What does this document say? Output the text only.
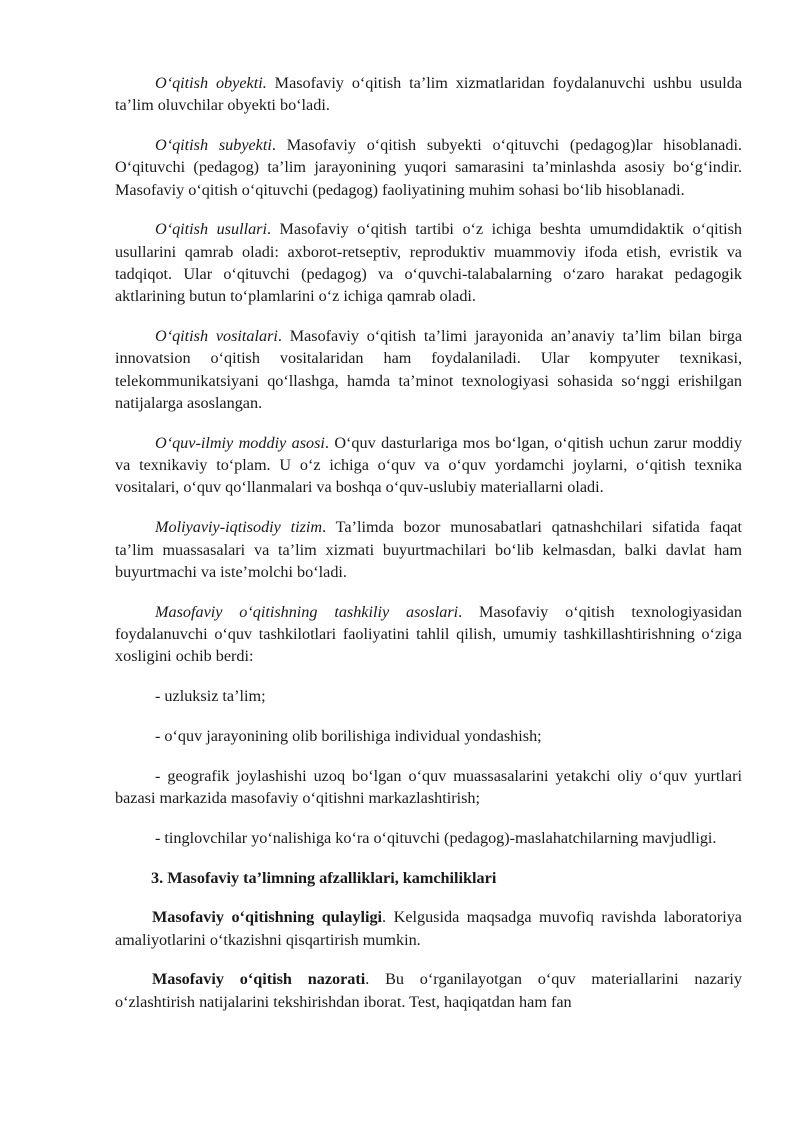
O‘qitish obyekti. Masofaviy o‘qitish ta’lim xizmatlaridan foydalanuvchi ushbu usulda ta’lim oluvchilar obyekti bo‘ladi.

O‘qitish subyekti. Masofaviy o‘qitish subyekti o‘qituvchi (pedagog)lar hisoblanadi. O‘qituvchi (pedagog) ta’lim jarayonining yuqori samarasini ta’minlashda asosiy bo‘g‘indir. Masofaviy o‘qitish o‘qituvchi (pedagog) faoliyatining muhim sohasi bo‘lib hisoblanadi.

O‘qitish usullari. Masofaviy o‘qitish tartibi o‘z ichiga beshta umumdidaktik o‘qitish usullarini qamrab oladi: axborot-retseptiv, reproduktiv muammoviy ifoda etish, evristik va tadqiqot. Ular o‘qituvchi (pedagog) va o‘quvchi-talabalarning o‘zaro harakat pedagogik aktlarining butun to‘plamlarini o‘z ichiga qamrab oladi.

O‘qitish vositalari. Masofaviy o‘qitish ta’limi jarayonida an’anaviy ta’lim bilan birga innovatsion o‘qitish vositalaridan ham foydalaniladi. Ular kompyuter texnikasi, telekommunikatsiyani qo‘llashga, hamda ta’minot texnologiyasi sohasida so‘nggi erishilgan natijalarga asoslangan.

O‘quv-ilmiy moddiy asosi. O‘quv dasturlariga mos bo‘lgan, o‘qitish uchun zarur moddiy va texnikaviy to‘plam. U o‘z ichiga o‘quv va o‘quv yordamchi joylarni, o‘qitish texnika vositalari, o‘quv qo‘llanmalari va boshqa o‘quv-uslubiy materiallarni oladi.

Moliyaviy-iqtisodiy tizim. Ta’limda bozor munosabatlari qatnashchilari sifatida faqat ta’lim muassasalari va ta’lim xizmati buyurtmachilari bo‘lib kelmasdan, balki davlat ham buyurtmachi va iste’molchi bo‘ladi.

Masofaviy o‘qitishning tashkiliy asoslari. Masofaviy o‘qitish texnologiyasidan foydalanuvchi o‘quv tashkilotlari faoliyatini tahlil qilish, umumiy tashkillashtirishning o‘ziga xosligini ochib berdi:

- uzluksiz ta’lim;

- o‘quv jarayonining olib borilishiga individual yondashish;

- geografik joylashishi uzoq bo‘lgan o‘quv muassasalarini yetakchi oliy o‘quv yurtlari bazasi markazida masofaviy o‘qitishni markazlashtirish;

- tinglovchilar yo‘nalishiga ko‘ra o‘qituvchi (pedagog)-maslahatchilarning mavjudligi.

3. Masofaviy ta’limning afzalliklari, kamchiliklari

Masofaviy o‘qitishning qulayligi. Kelgusida maqsadga muvofiq ravishda laboratoriya amaliyotlarini o‘tkazishni qisqartirish mumkin.

Masofaviy o‘qitish nazorati. Bu o‘rganilayotgan o‘quv materiallarini nazariy o‘zlashtirish natijalarini tekshirishdan iborat. Test, haqiqatdan ham fan
